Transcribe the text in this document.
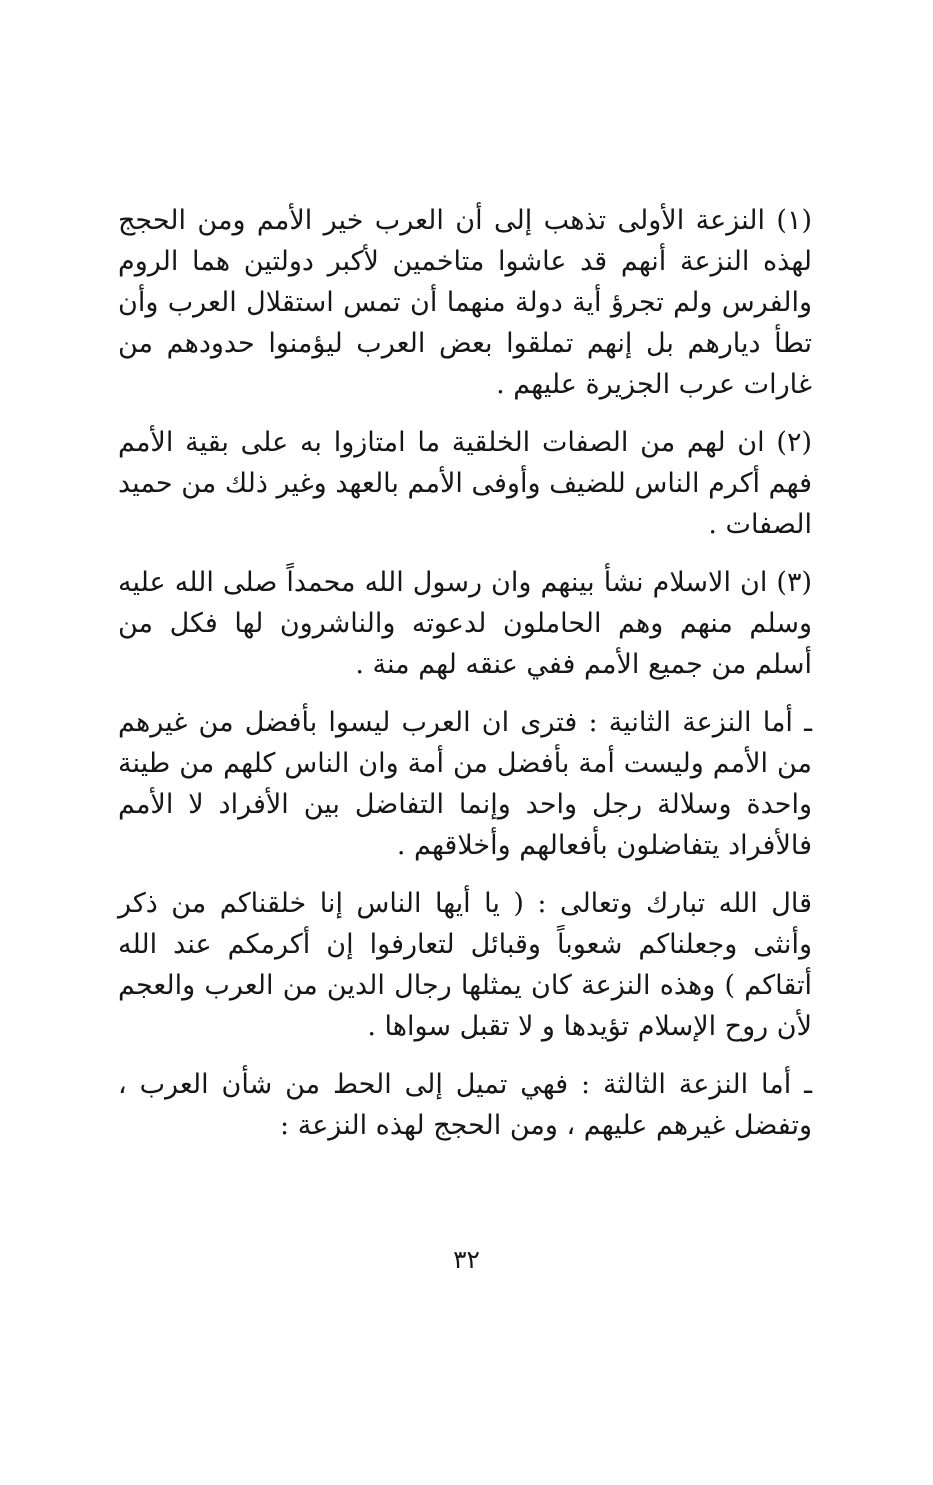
(١) النزعة الأولى تذهب إلى أن العرب خير الأمم ومن الحجج لهذه النزعة أنهم قد عاشوا متاخمين لأكبر دولتين هما الروم والفرس ولم تجرؤ أية دولة منهما أن تمس استقلال العرب وأن تطأ ديارهم بل إنهم تملقوا بعض العرب ليؤمنوا حدودهم من غارات عرب الجزيرة عليهم .

(٢) ان لهم من الصفات الخلقية ما امتازوا به على بقية الأمم فهم أكرم الناس للضيف وأوفى الأمم بالعهد وغير ذلك من حميد الصفات .

(٣) ان الاسلام نشأ بينهم وان رسول الله محمداً صلى الله عليه وسلم منهم وهم الحاملون لدعوته والناشرون لها فكل من أسلم من جميع الأمم ففي عنقه لهم منة .

ـ أما النزعة الثانية : فترى ان العرب ليسوا بأفضل من غيرهم من الأمم وليست أمة بأفضل من أمة وان الناس كلهم من طينة واحدة وسلالة رجل واحد وإنما التفاضل بين الأفراد لا الأمم فالأفراد يتفاضلون بأفعالهم وأخلاقهم .

قال الله تبارك وتعالى : ( يا أيها الناس إنا خلقناكم من ذكر وأنثى وجعلناكم شعوباً وقبائل لتعارفوا إن أكرمكم عند الله أتقاكم ) وهذه النزعة كان يمثلها رجال الدين من العرب والعجم لأن روح الإسلام تؤيدها و لا تقبل سواها .

ـ أما النزعة الثالثة : فهي تميل إلى الحط من شأن العرب ، وتفضل غيرهم عليهم ، ومن الحجج لهذه النزعة :

٣٢
